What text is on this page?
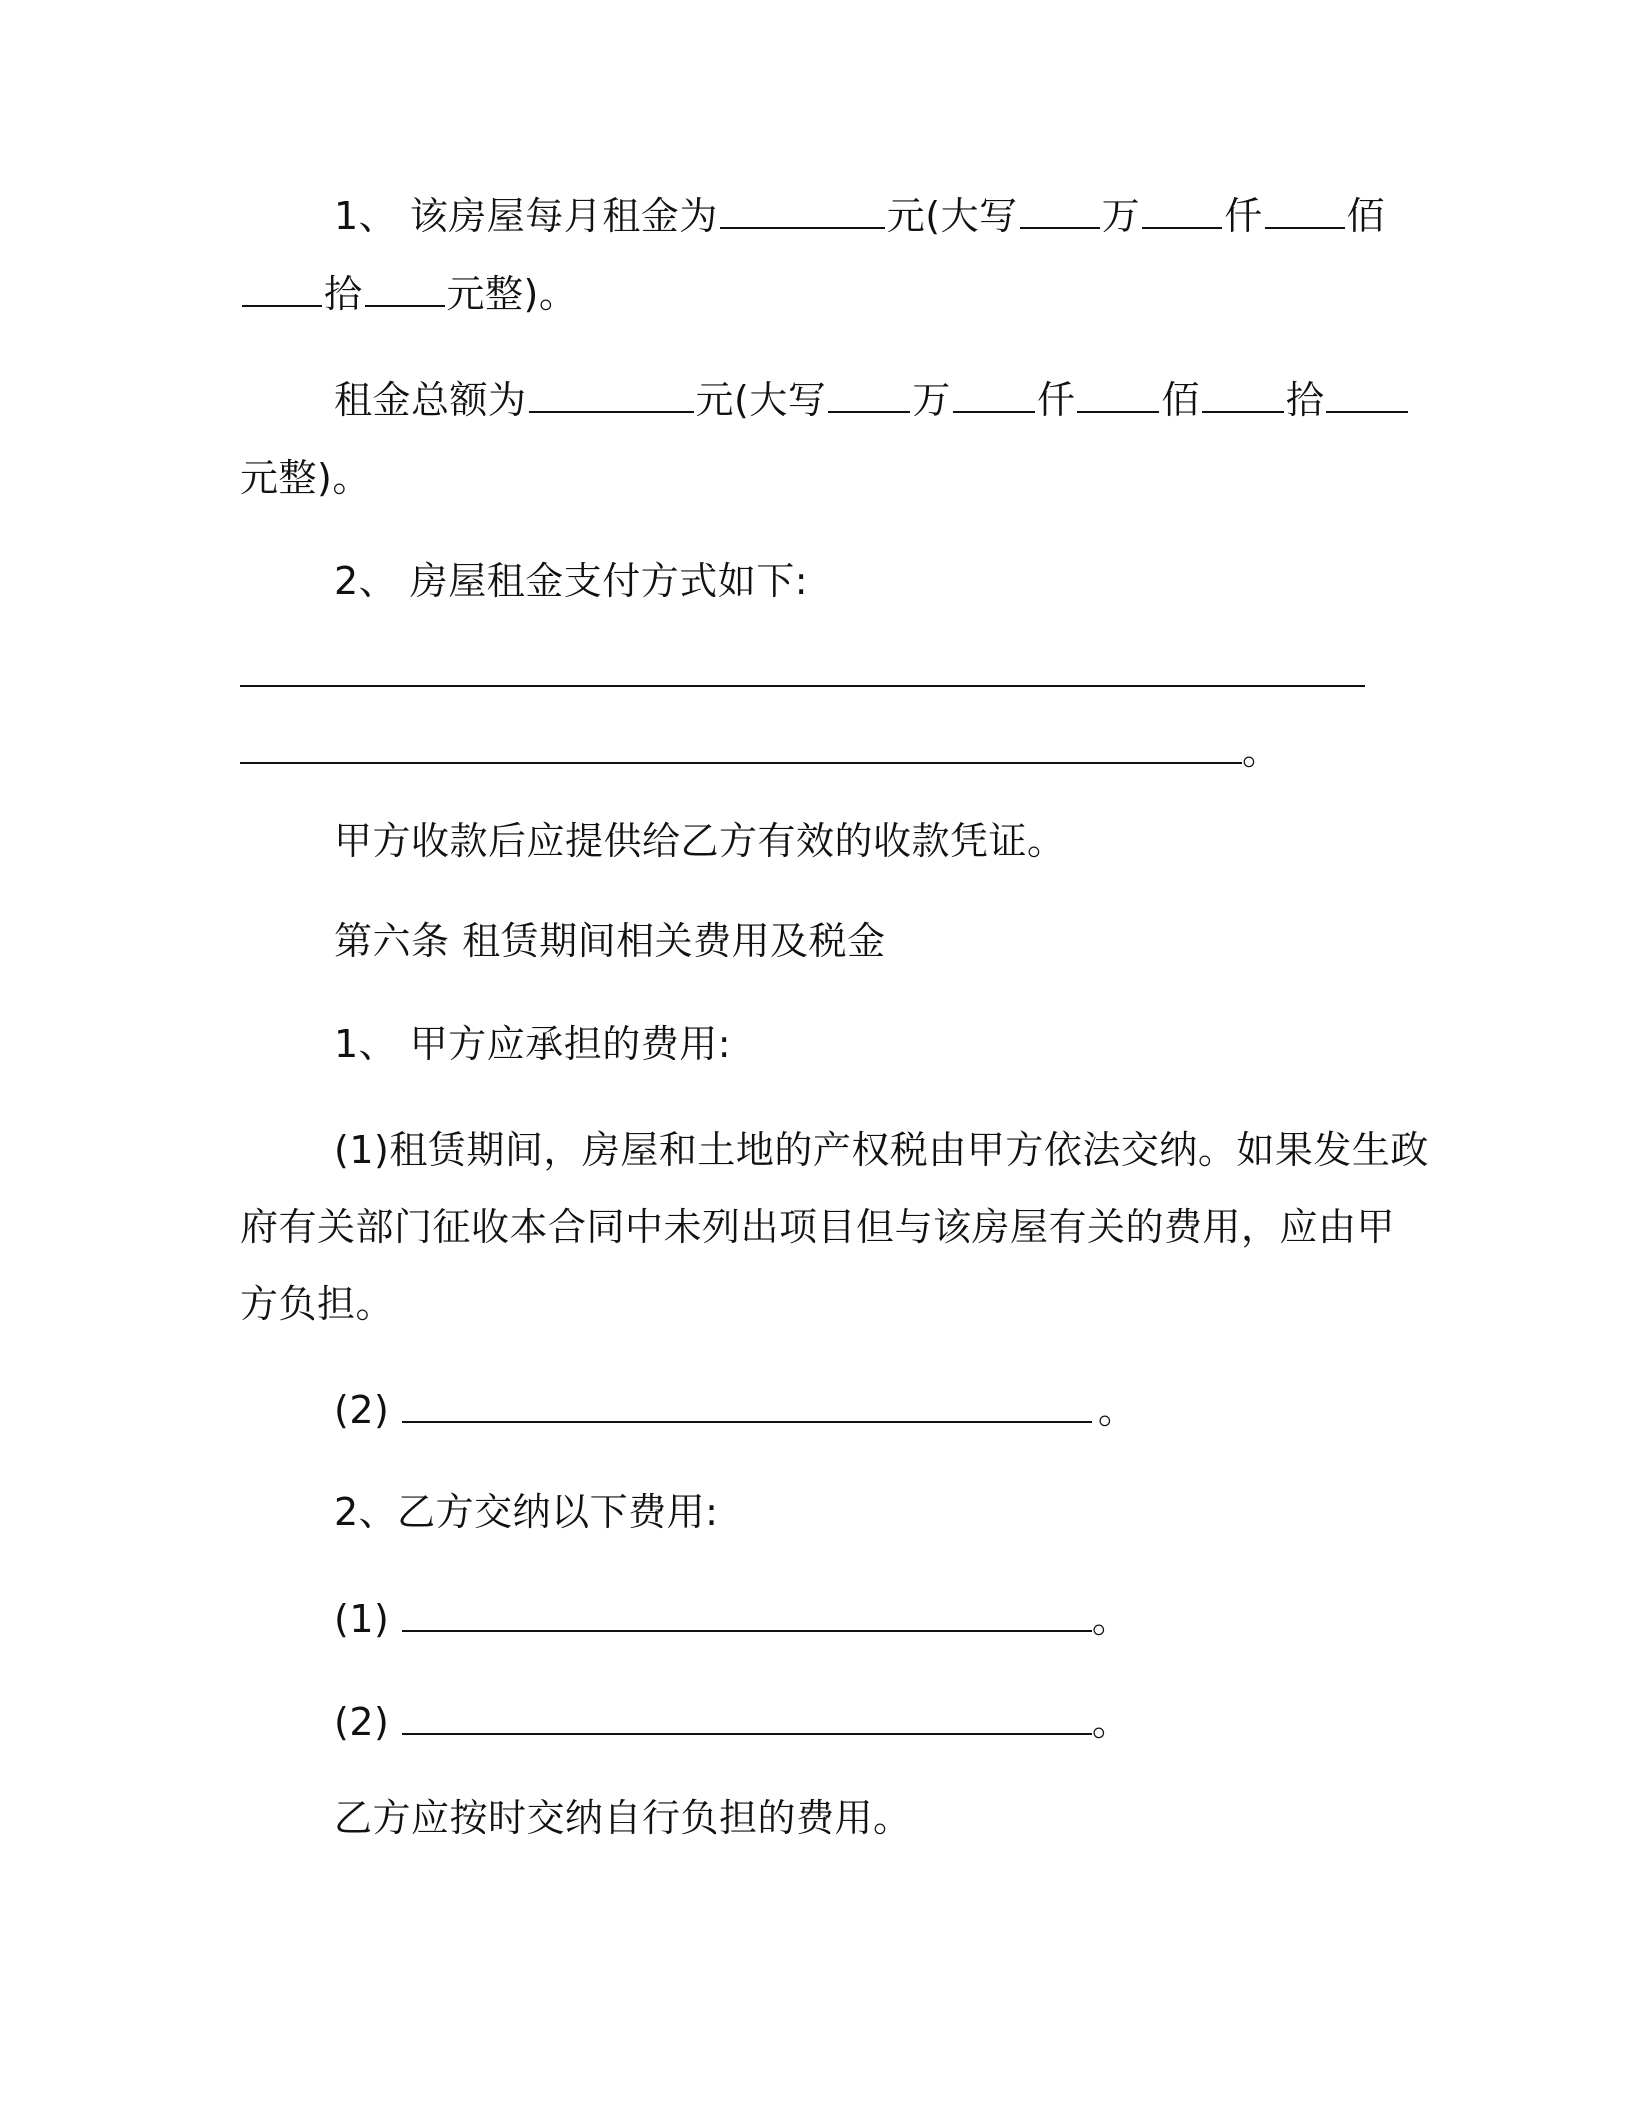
1、 该房屋每月租金为	元(大写 万 仟 佰
拾 元整)。
租金总额为	元(大写 万 仟 佰 拾
元整)。
2、 房屋租金支付方式如下:
。
甲方收款后应提供给乙方有效的收款凭证。
第六条 租赁期间相关费用及税金
1、 甲方应承担的费用:
(1)租赁期间，房屋和土地的产权税由甲方依法交纳。如果发生政
府有关部门征收本合同中未列出项目但与该房屋有关的费用，应由甲
方负担。
(2)	。
2、乙方交纳以下费用:
(1)	。
(2)	。
乙方应按时交纳自行负担的费用。
